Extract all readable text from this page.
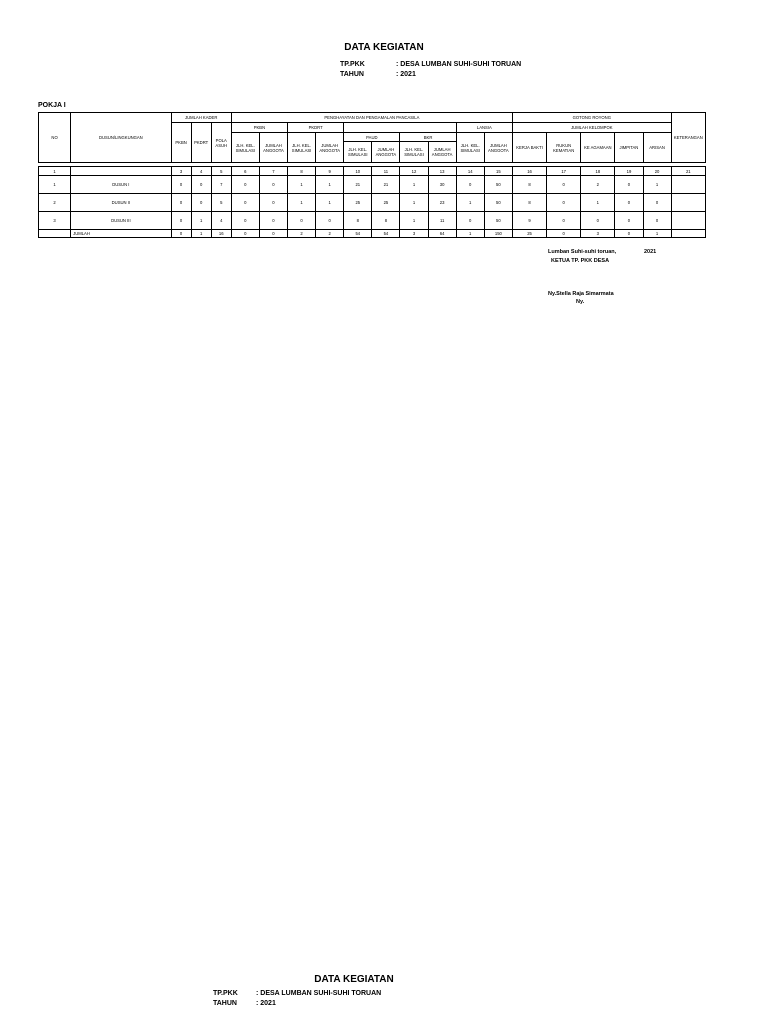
DATA KEGIATAN
TP.PKK	: DESA LUMBAN SUHI-SUHI TORUAN
TAHUN	: 2021
POKJA I
NO	DUSUN/LINGKUNGAN	JUMLAH KADER			PENGHAYATAN DAN PENGAMALAN PANCASILA										GOTONG ROYONG					KETERANGAN
		PKBN	PKDRT	POLA ASUH	PKBN		PKDRT						LANSIA		JUMLAH KELOMPOK					
					JLH. KEL. SIMULASI	JUMLAH ANGGOTA	JLH. KEL. SIMULASI	JUMLAH ANGGOTA	PAUD		BKR		JLH. KEL. SIMULASI	JUMLAH ANGGOTA	KERJA BAKTI	RUKUN KEMATIAN	KE AGAMAAN	JIMPITAN	ARISAN	
									JLH. KEL. SIMULASI	JUMLAH ANGGOTA	JLH. KEL. SIMULASI	JUMLAH ANGGOTA								

1		3	4	5	6	7	8	9	10	11	12	13	14	15	16	17	18	19	20	21
1	DUSUN I	0	0	7	0	0	1	1	21	21	1	30	0	50	8	0	2	0	1	
2	DUSUN II	0	0	5	0	0	1	1	25	25	1	23	1	50	8	0	1	0	0	
3	DUSUN III	0	1	4	0	0	0	0	8	8	1	11	0	50	9	0	0	0	0	
	JUMLAH	0	1	16	0	0	2	2	54	54	3	64	1	150	25	0	3	0	1	
Lumban Suhi-suhi toruan,	2021
KETUA TP. PKK DESA
Ny.Stella Raja Simarmata
Ny.
DATA KEGIATAN
TP.PKK	: DESA LUMBAN SUHI-SUHI TORUAN
TAHUN	: 2021
